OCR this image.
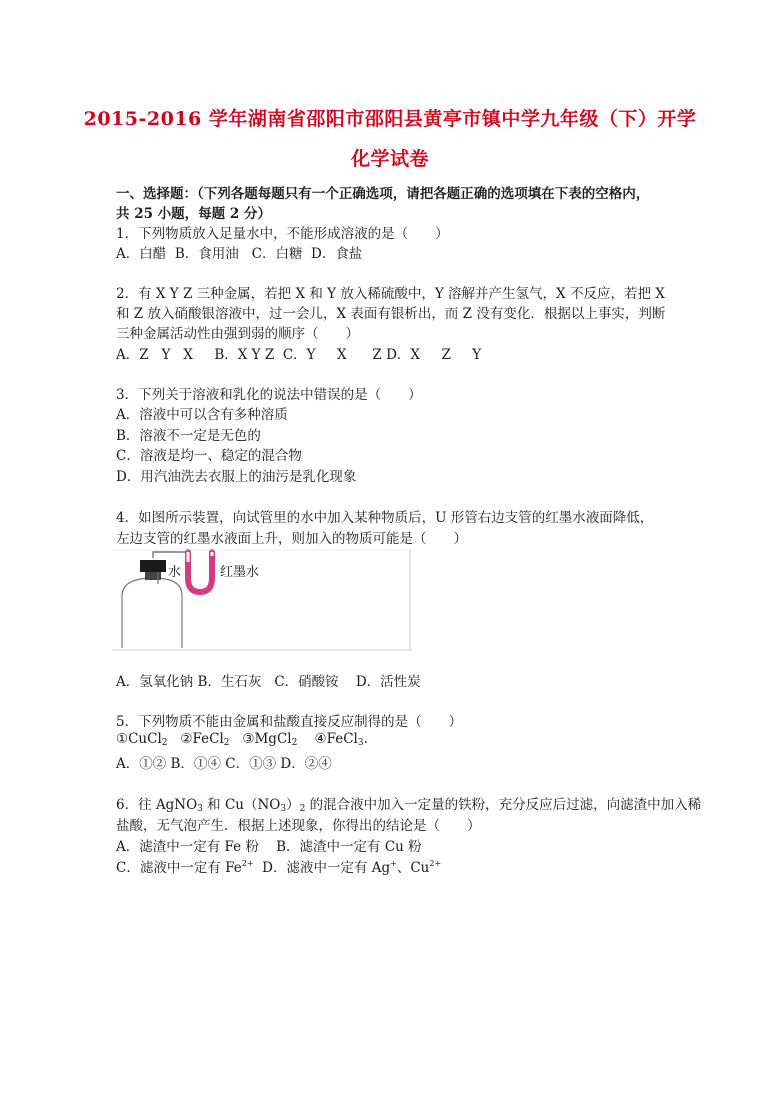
2015-2016 学年湖南省邵阳市邵阳县黄亭市镇中学九年级（下）开学
化学试卷
一、选择题：（下列各题每题只有一个正确选项，请把各题正确的选项填在下表的空格内，
共 25 小题，每题 2 分）
1．下列物质放入足量水中，不能形成溶液的是（　　）
A．白醋  B．食用油   C．白糖  D．食盐
2．有 X Y Z 三种金属，若把 X 和 Y 放入稀硫酸中，Y 溶解并产生氢气，X 不反应，若把 X
和 Z 放入硝酸银溶液中，过一会儿，X 表面有银析出，而 Z 没有变化．根据以上事实，判断
三种金属活动性由强到弱的顺序（　　）
A．Z   Y   X     B．X Y Z  C．Y     X      Z D．X     Z     Y
3．下列关于溶液和乳化的说法中错误的是（　　）
A．溶液中可以含有多种溶质
B．溶液不一定是无色的
C．溶液是均一、稳定的混合物
D．用汽油洗去衣服上的油污是乳化现象
4．如图所示装置，向试管里的水中加入某种物质后，U 形管右边支管的红墨水液面降低，
左边支管的红墨水液面上升，则加入的物质可能是（　　）
水	红墨水
A．氢氧化钠 B．生石灰   C．硝酸铵    D．活性炭
5．下列物质不能由金属和盐酸直接反应制得的是（　　）
①CuCl$_2$   ②FeCl$_2$   ③MgCl$_2$    ④FeCl$_3$.
A．①② B．①④ C．①③ D．②④
6．往 AgNO$_3$ 和 $Cu(NO_3)_2$ 的混合液中加入一定量的铁粉，充分反应后过滤，向滤渣中加入稀
盐酸，无气泡产生．根据上述现象，你得出的结论是（　　）
A．滤渣中一定有 Fe 粉    B．滤渣中一定有 Cu 粉
C．滤液中一定有 $Fe^{2+}$  D．滤液中一定有 Ag+、$Cu^{2+}$
